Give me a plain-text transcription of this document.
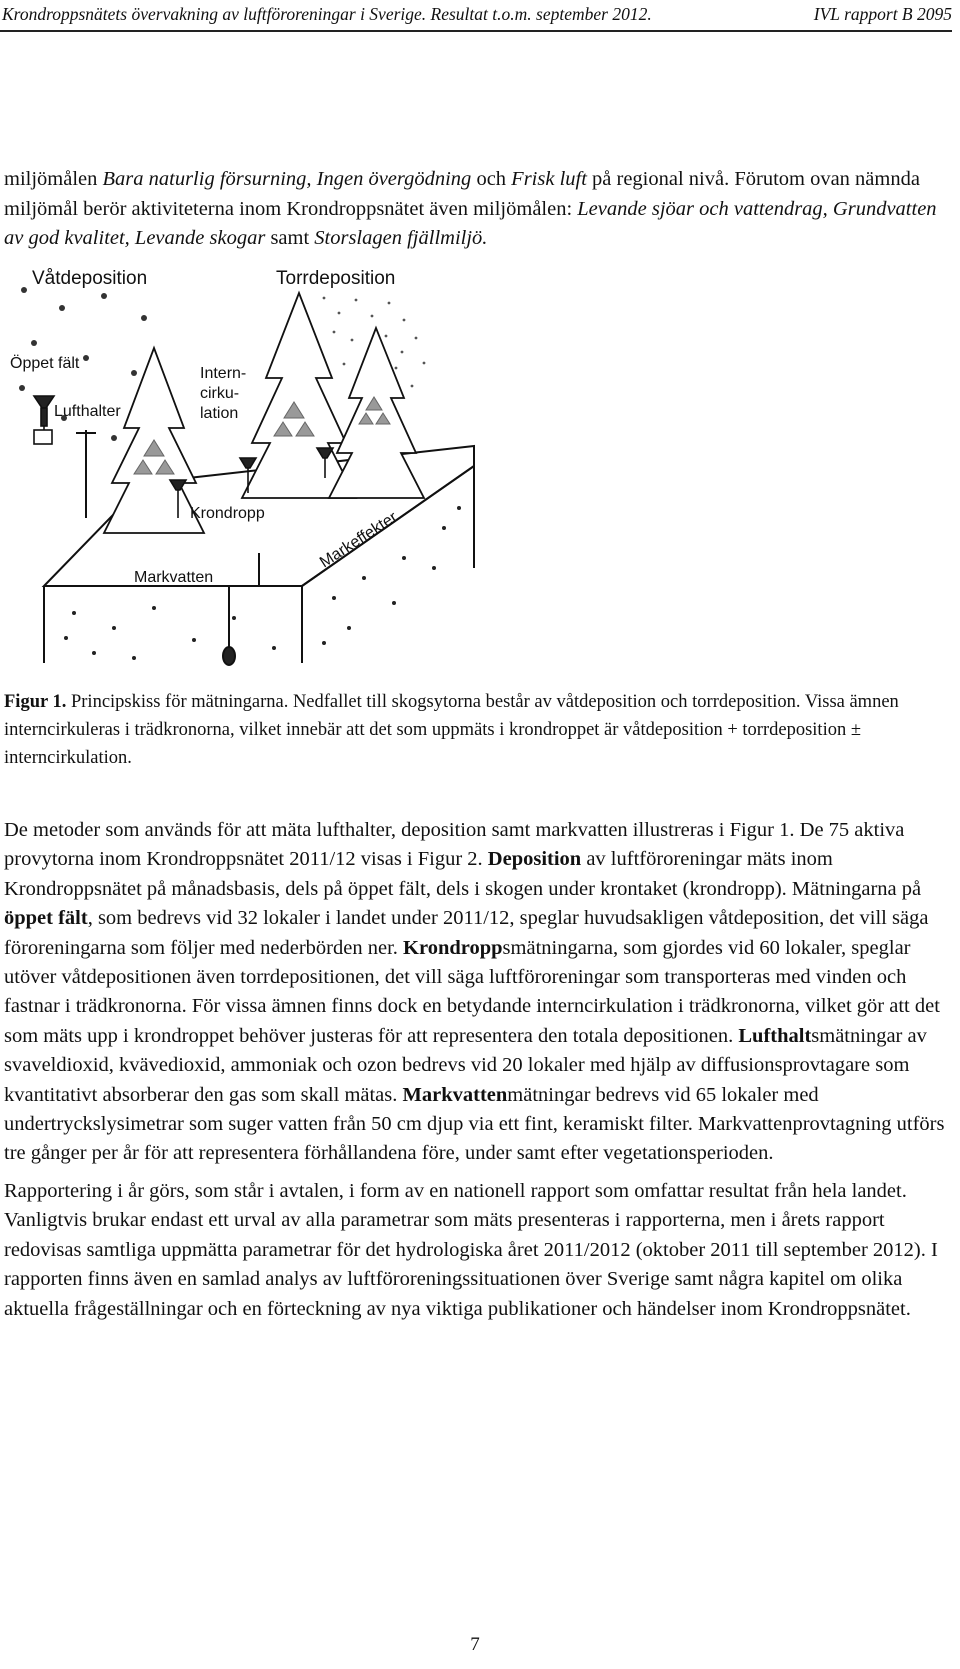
Krondroppsnätets övervakning av luftföroreningar i Sverige. Resultat t.o.m. september 2012.	IVL rapport B 2095
miljömålen Bara naturlig försurning, Ingen övergödning och Frisk luft på regional nivå. Förutom ovan nämnda miljömål berör aktiviteterna inom Krondroppsnätet även miljömålen: Levande sjöar och vattendrag, Grundvatten av god kvalitet, Levande skogar samt Storslagen fjällmiljö.
Våtdeposition	Torrdeposition
Öppet fält
Intern-
cirku-
lation
Lufthalter
Krondropp
Markvatten
Markeffekter
Figur 1. Principskiss för mätningarna. Nedfallet till skogsytorna består av våtdeposition och torrdeposition. Vissa ämnen interncirkuleras i trädkronorna, vilket innebär att det som uppmäts i krondroppet är våtdeposition + torrdeposition ± interncirkulation.

De metoder som används för att mäta lufthalter, deposition samt markvatten illustreras i Figur 1. De 75 aktiva provytorna inom Krondroppsnätet 2011/12 visas i Figur 2. Deposition av luftföroreningar mäts inom Krondroppsnätet på månadsbasis, dels på öppet fält, dels i skogen under krontaket (krondropp). Mätningarna på öppet fält, som bedrevs vid 32 lokaler i landet under 2011/12, speglar huvudsakligen våtdeposition, det vill säga föroreningarna som följer med nederbörden ner. Krondroppsmätningarna, som gjordes vid 60 lokaler, speglar utöver våtdepositionen även torrdepositionen, det vill säga luftföroreningar som transporteras med vinden och fastnar i trädkronorna. För vissa ämnen finns dock en betydande interncirkulation i trädkronorna, vilket gör att det som mäts upp i krondroppet behöver justeras för att representera den totala depositionen. Lufthaltsmätningar av svaveldioxid, kvävedioxid, ammoniak och ozon bedrevs vid 20 lokaler med hjälp av diffusionsprovtagare som kvantitativt absorberar den gas som skall mätas. Markvattenmätningar bedrevs vid 65 lokaler med undertryckslysimetrar som suger vatten från 50 cm djup via ett fint, keramiskt filter. Markvattenprovtagning utförs tre gånger per år för att representera förhållandena före, under samt efter vegetationsperioden.

Rapportering i år görs, som står i avtalen, i form av en nationell rapport som omfattar resultat från hela landet. Vanligtvis brukar endast ett urval av alla parametrar som mäts presenteras i rapporterna, men i årets rapport redovisas samtliga uppmätta parametrar för det hydrologiska året 2011/2012 (oktober 2011 till september 2012). I rapporten finns även en samlad analys av luftföroreningssituationen över Sverige samt några kapitel om olika aktuella frågeställningar och en förteckning av nya viktiga publikationer och händelser inom Krondroppsnätet.

7
